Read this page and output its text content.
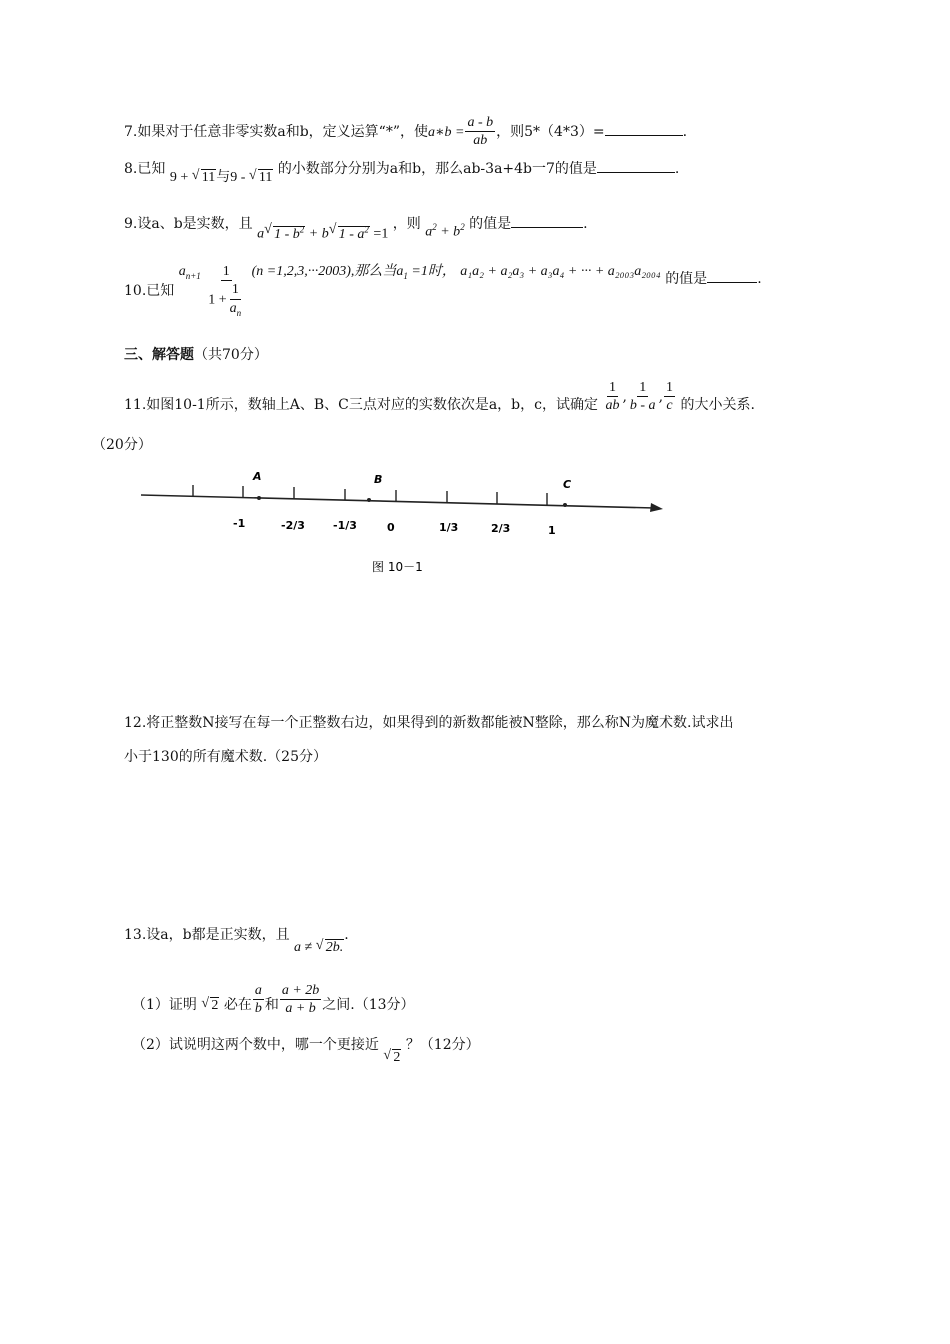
7.如果对于任意非零实数a和b，定义运算“*”，使a∗b = $\frac{a - b}{ab}$ ，则5*（4*3）=	.
8.已知 9 + √ 11与9 - √ 11 的小数部分分别为a和b，那么ab-3a+4b一7的值是	.
9.设a、b是实数，且 a√ $1 - b^2 + b√$ $1 - a^2 =1$ ，则 $a^2 + b^2$ 的值是	.
10.已知 $a_{n+1} \frac{1}{1 + \frac{1}{a_n}} (n =1,2,3,\cdot\cdot\cdot 2003)$,那么当$a_1 =1$时， a₁a₂ + a₂a₃ + a₃a₄ + ··· + a₂₀₀₃a₂₀₀₄ 的值是	.
三、解答题（共70分）
11.如图10-1所示，数轴上A、B、C三点对应的实数依次是a，b，c，试确定 $\frac{1}{ab}$ , $\frac{1}{b - a}$ , $\frac{1}{c}$ 的大小关系.
（20分）
A	B	C
-1	-2/3	-1/3	0	1/3	2/3	1
图 10－1
12.将正整数N接写在每一个正整数右边，如果得到的新数都能被N整除，那么称N为魔术数.试求出
小于130的所有魔术数.（25分）
13.设a，b都是正实数，且 a ≠ √ 2b..
（1）证明 √ 2 必在 $\frac{a}{b}$ 和 $\frac{a + 2b}{a + b}$ 之间.（13分）
（2）试说明这两个数中，哪一个更接近 √ 2 ？（12分）
